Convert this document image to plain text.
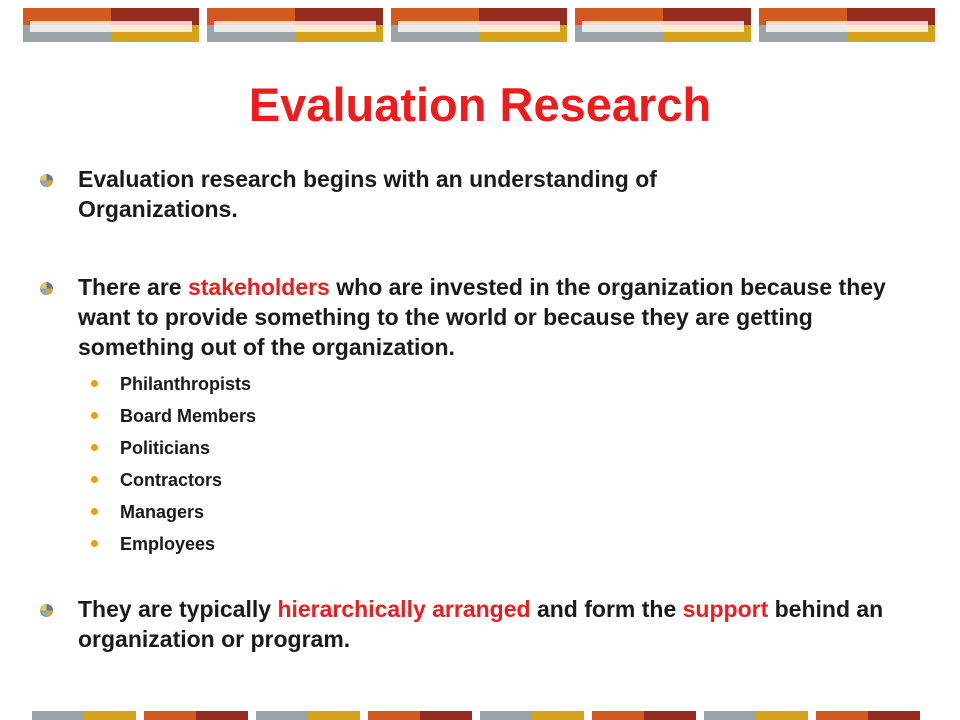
Evaluation Research
Evaluation research begins with an understanding of Organizations.
There are stakeholders who are invested in the organization because they want to provide something to the world or because they are getting something out of the organization.
Philanthropists
Board Members
Politicians
Contractors
Managers
Employees
They are typically hierarchically arranged and form the support behind an organization or program.
